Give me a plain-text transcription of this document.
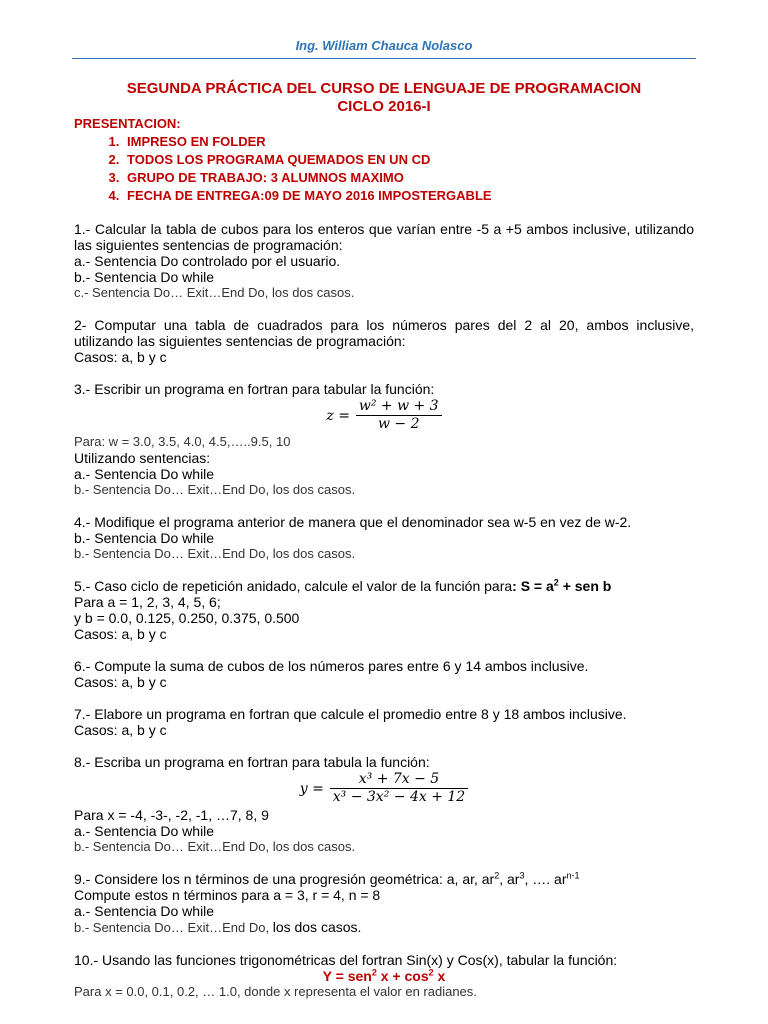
Ing. William Chauca Nolasco
SEGUNDA PRÁCTICA DEL CURSO DE LENGUAJE DE PROGRAMACION
CICLO 2016-I
PRESENTACION:
1. IMPRESO EN FOLDER
2. TODOS LOS PROGRAMA QUEMADOS EN UN CD
3. GRUPO DE TRABAJO: 3 ALUMNOS MAXIMO
4. FECHA DE ENTREGA:09 DE MAYO 2016 IMPOSTERGABLE

1.- Calcular la tabla de cubos para los enteros que varían entre -5 a +5 ambos inclusive, utilizando las siguientes sentencias de programación:

a.- Sentencia Do controlado por el usuario.

b.- Sentencia Do while

c.- Sentencia Do… Exit…End Do, los dos casos.

2- Computar una tabla de cuadrados para los números pares del 2 al 20, ambos inclusive, utilizando las siguientes sentencias de programación:

Casos: a, b y c

3.- Escribir un programa en fortran para tabular la función:

$z = \frac{\text{w² + w + 3}}{w - 2}$

Para: w = 3.0, 3.5, 4.0, 4.5,…..9.5, 10

Utilizando sentencias:

a.- Sentencia Do while

b.- Sentencia Do… Exit…End Do, los dos casos.

4.- Modifique el programa anterior de manera que el denominador sea w-5 en vez de w-2.

b.- Sentencia Do while

b.- Sentencia Do… Exit…End Do, los dos casos.

5.- Caso ciclo de repetición anidado, calcule el valor de la función para: $S = a^2$ + sen b

Para a = 1, 2, 3, 4, 5, 6;

y b = 0.0, 0.125, 0.250, 0.375, 0.500

Casos: a, b y c

6.- Compute la suma de cubos de los números pares entre 6 y 14 ambos inclusive.

Casos: a, b y c

7.- Elabore un programa en fortran que calcule el promedio entre 8 y 18 ambos inclusive.

Casos: a, b y c

8.- Escriba un programa en fortran para tabula la función:

$y = \frac{\text{x³ + 7x − 5}}{\text{x³ − 3x² − 4x + 12}}$

Para x = -4, -3-, -2, -1, …7, 8, 9

a.- Sentencia Do while

b.- Sentencia Do… Exit…End Do, los dos casos.

9.- Considere los n términos de una progresión geométrica: a, ar, $ar^2$, $ar^3$, …. $ar^{n-1}$

Compute estos n términos para a = 3, r = 4, n = 8

a.- Sentencia Do while

b.- Sentencia Do… Exit…End Do, los dos casos.

10.- Usando las funciones trigonométricas del fortran Sin(x) y Cos(x), tabular la función:

Y = sen$^2$ $x + \cos^2 x$

Para x = 0.0, 0.1, 0.2, … 1.0, donde x representa el valor en radianes.
